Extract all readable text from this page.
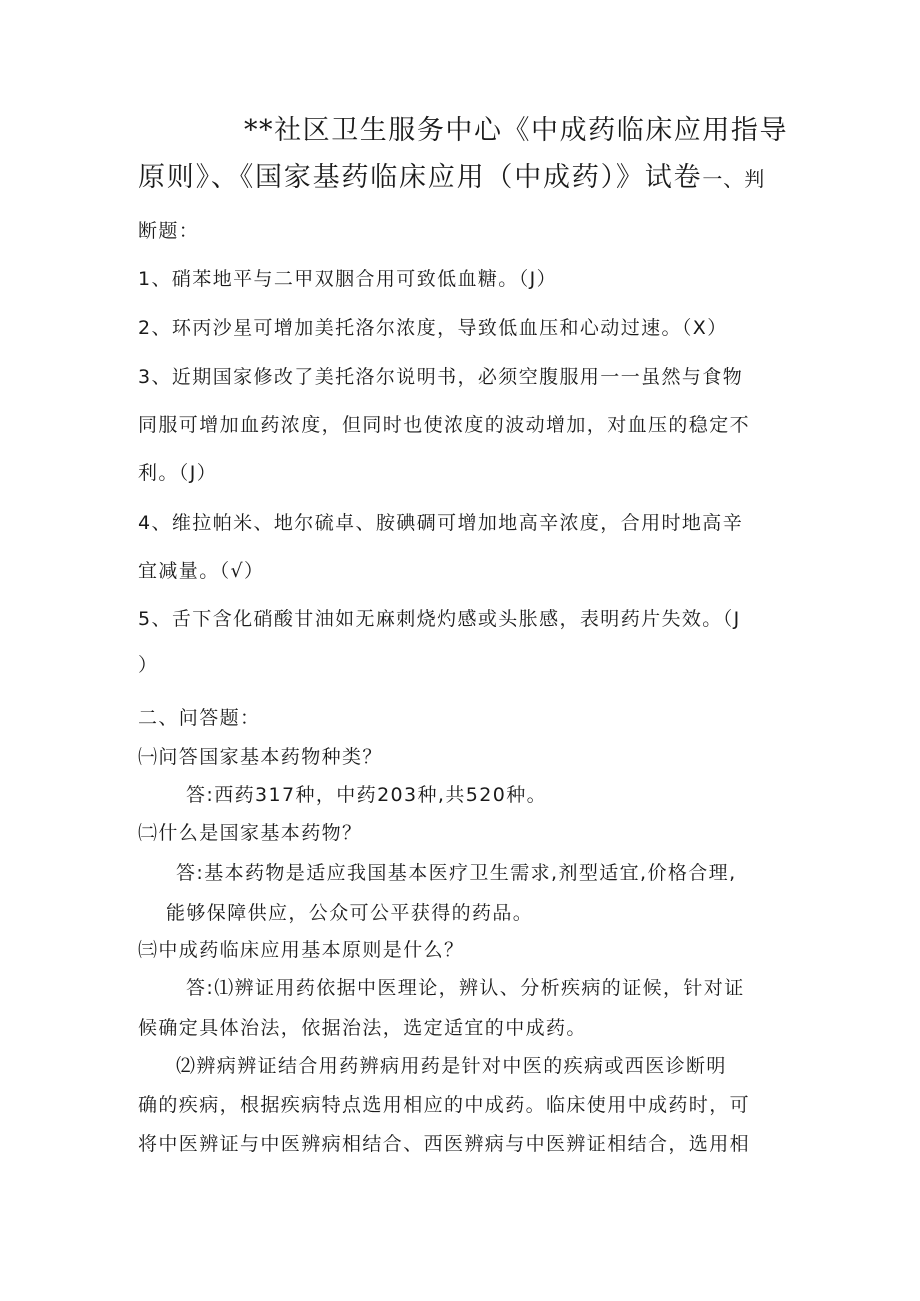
**社区卫生服务中心《中成药临床应用指导
原则》、《国家基药临床应用（中成药）》试卷一、判
断题：
1、硝苯地平与二甲双胭合用可致低血糖。（J）
2、环丙沙星可增加美托洛尔浓度，导致低血压和心动过速。（X）
3、近期国家修改了美托洛尔说明书，必须空腹服用一一虽然与食物
同服可增加血药浓度，但同时也使浓度的波动增加，对血压的稳定不
利。（J）
4、维拉帕米、地尔硫卓、胺碘碉可增加地高辛浓度，合用时地高辛
宜减量。（√）
5、舌下含化硝酸甘油如无麻刺烧灼感或头胀感，表明药片失效。（J
）
二、问答题：
㈠问答国家基本药物种类？
答:西药317种，中药203种,共520种。
㈡什么是国家基本药物？
答:基本药物是适应我国基本医疗卫生需求,剂型适宜,价格合理,
能够保障供应，公众可公平获得的药品。
㈢中成药临床应用基本原则是什么？
答:⑴辨证用药依据中医理论，辨认、分析疾病的证候，针对证
候确定具体治法，依据治法，选定适宜的中成药。
⑵辨病辨证结合用药辨病用药是针对中医的疾病或西医诊断明
确的疾病，根据疾病特点选用相应的中成药。临床使用中成药时，可
将中医辨证与中医辨病相结合、西医辨病与中医辨证相结合，选用相
